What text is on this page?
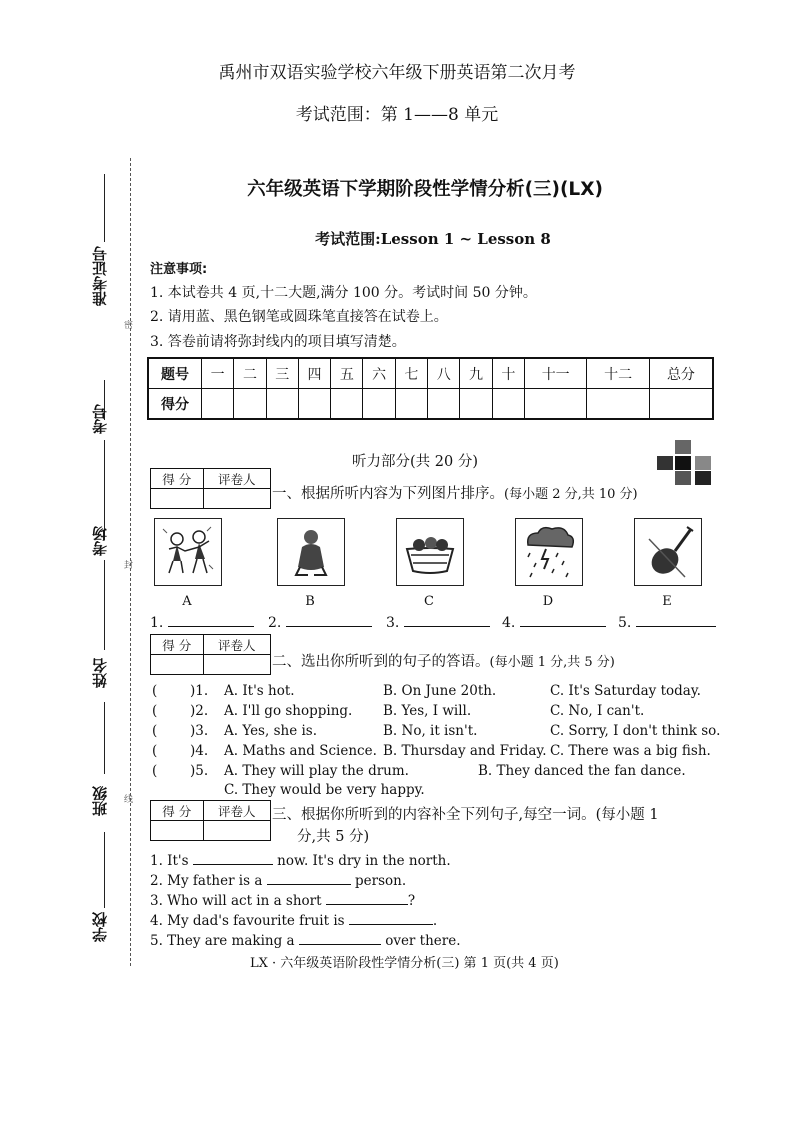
禹州市双语实验学校六年级下册英语第二次月考
考试范围：第 1——8 单元
准考证号
考号
考场
姓名
班级
学校
密
封
线
六年级英语下学期阶段性学情分析(三)(LX)
考试范围:Lesson 1 ~ Lesson 8
注意事项:
1. 本试卷共 4 页,十二大题,满分 100 分。考试时间 50 分钟。
2. 请用蓝、黑色钢笔或圆珠笔直接答在试卷上。
3. 答卷前请将弥封线内的项目填写清楚。
题号	一	二	三	四	五	六	七	八	九	十	十一	十二	总分
得分													
听力部分(共 20 分)
得 分	评卷人

一、根据所听内容为下列图片排序。(每小题 2 分,共 10 分)
A	B	C	D	E
1.	2.	3.	4.	5.
得 分	评卷人

二、选出你所听到的句子的答语。(每小题 1 分,共 5 分)
( )1. A. It's hot.	B. On June 20th.	C. It's Saturday today.
( )2. A. I'll go shopping. B. Yes, I will.	C. No, I can't.
( )3. A. Yes, she is.	B. No, it isn't.	C. Sorry, I don't think so.
( )4. A. Maths and Science. B. Thursday and Friday. C. There was a big fish.
( )5. A. They will play the drum.	B. They danced the fan dance.
C. They would be very happy.
得 分	评卷人
	三、根据你所听到的内容补全下列句子,每空一词。(每小题 1
分,共 5 分)
1. It's	now. It's dry in the north.
2. My father is a	person.
3. Who will act in a short	?
4. My dad's favourite fruit is	.
5. They are making a	over there.
LX · 六年级英语阶段性学情分析(三) 第 1 页(共 4 页)
